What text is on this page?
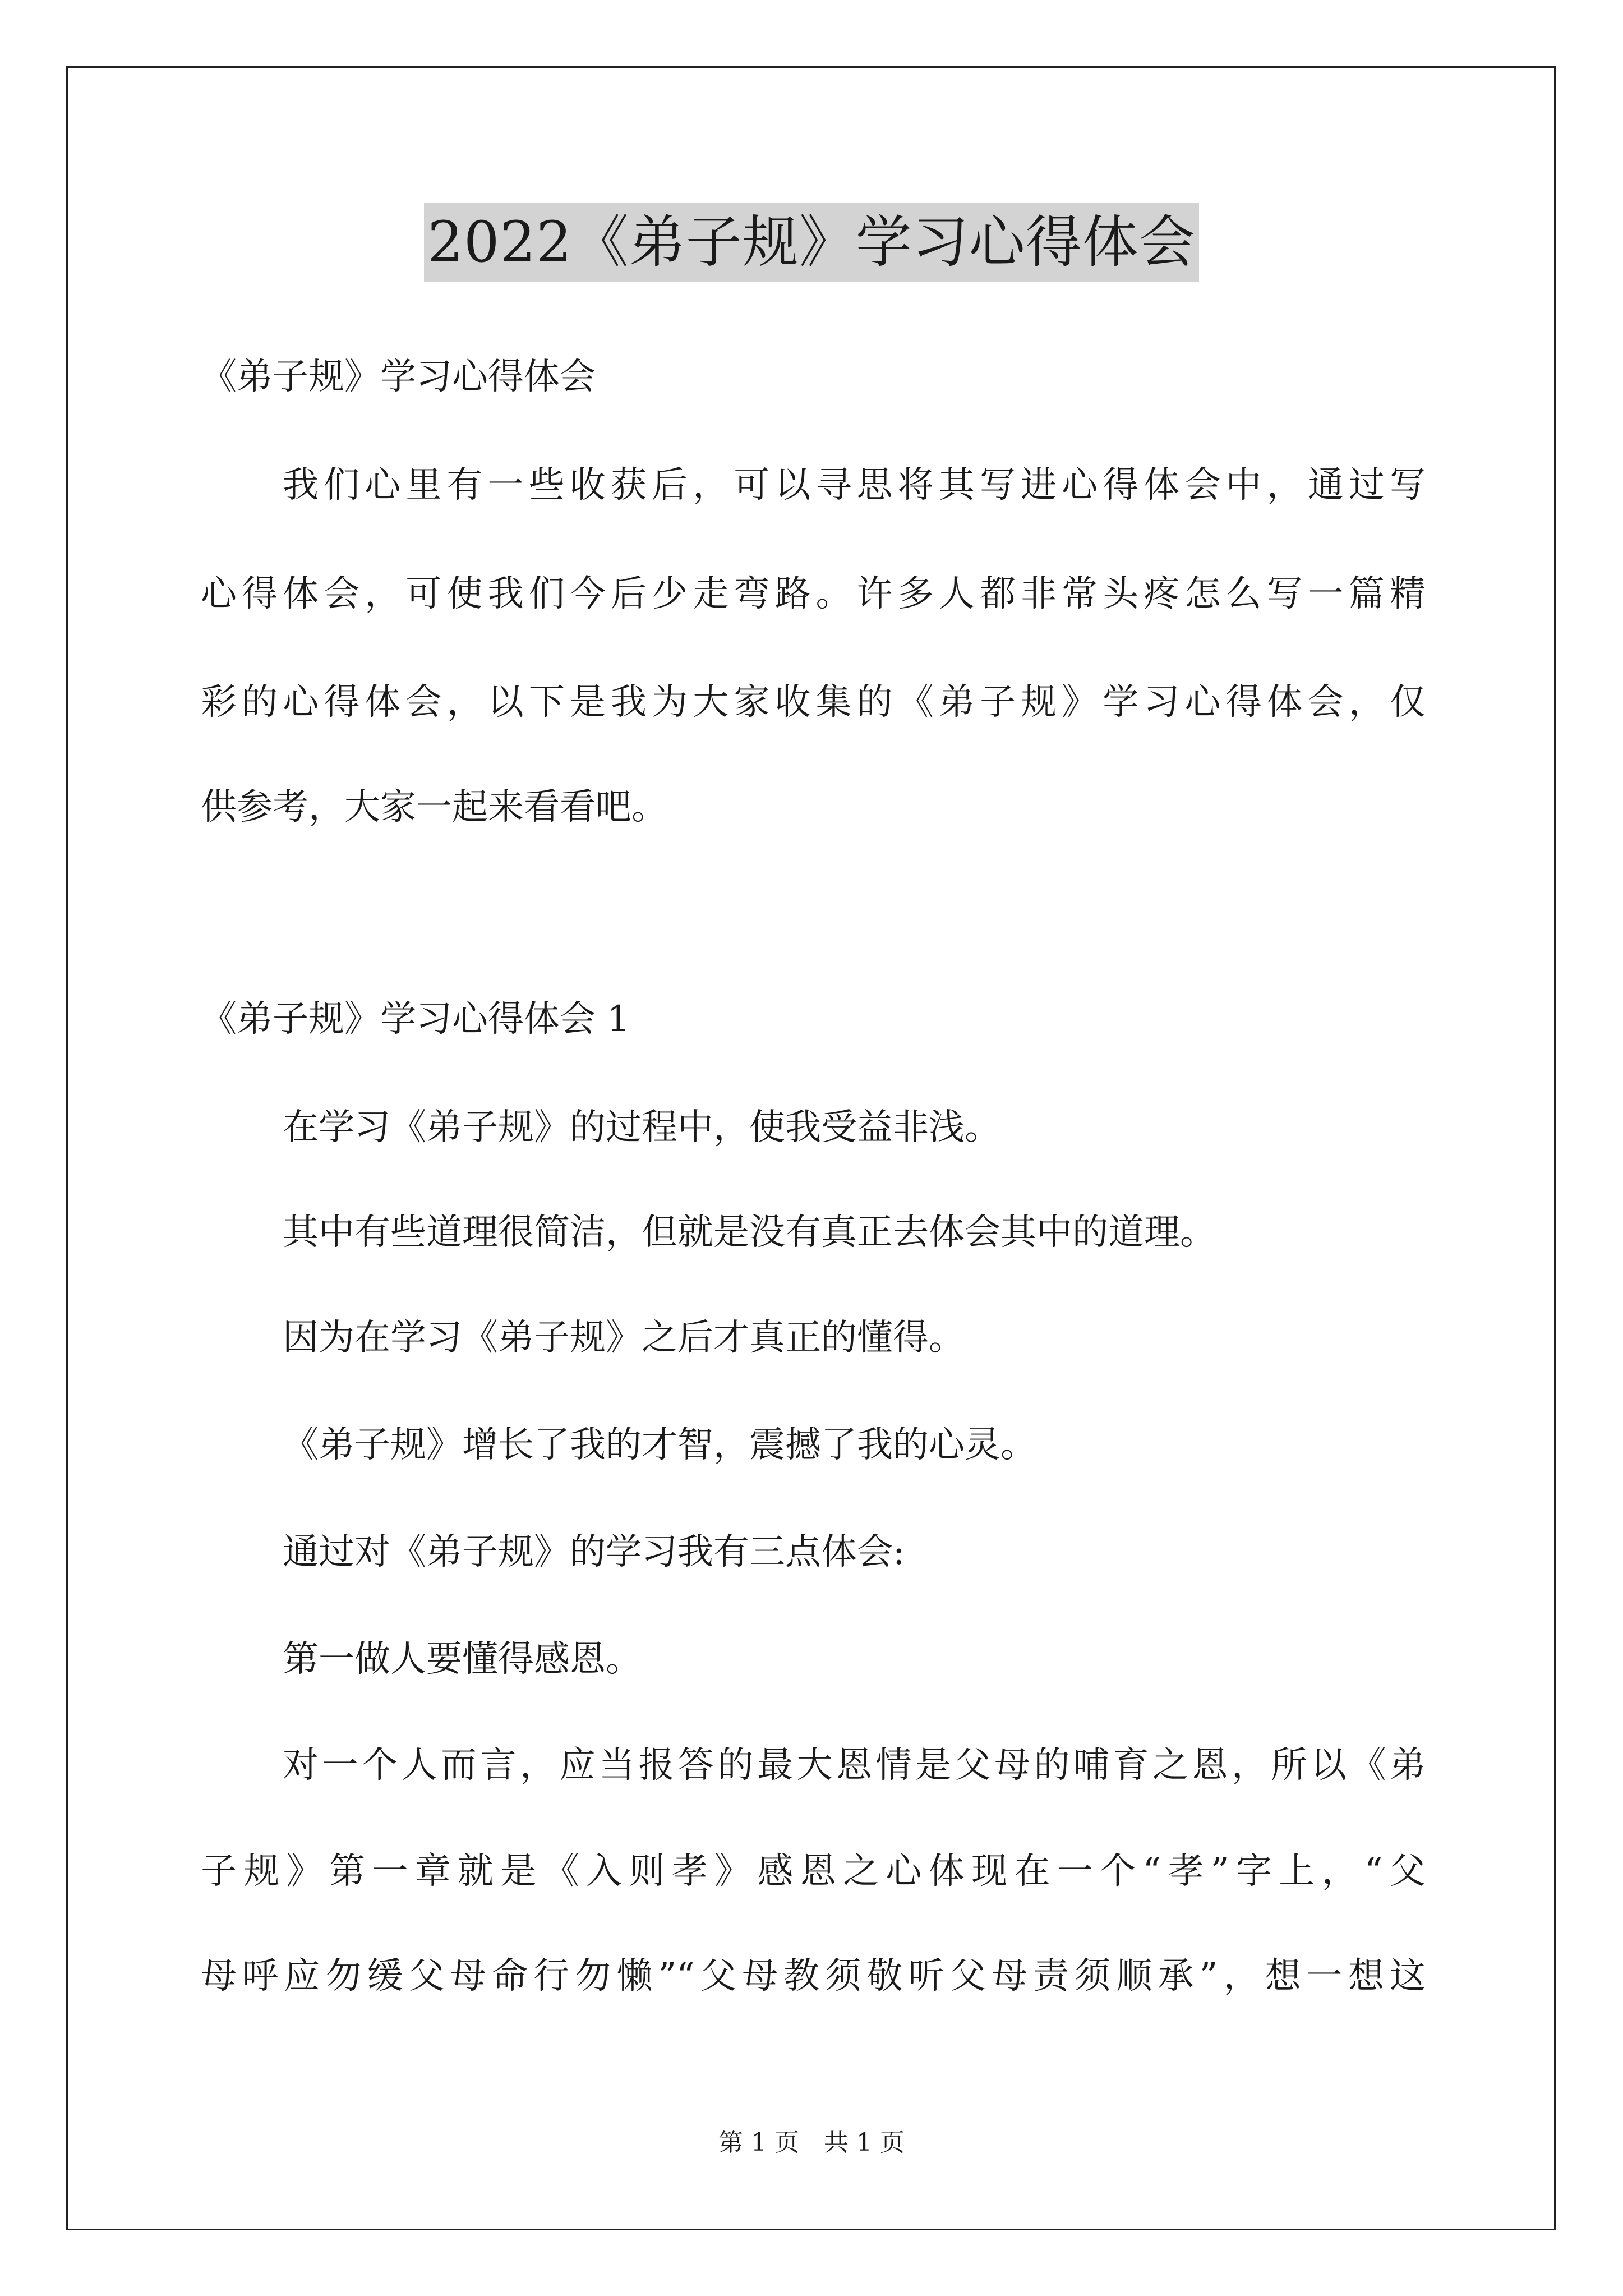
2022《弟子规》学习心得体会
《弟子规》学习心得体会
我们心里有一些收获后，可以寻思将其写进心得体会中，通过写
心得体会，可使我们今后少走弯路。许多人都非常头疼怎么写一篇精
彩的心得体会，以下是我为大家收集的《弟子规》学习心得体会，仅
供参考，大家一起来看看吧。
《弟子规》学习心得体会 1
在学习《弟子规》的过程中，使我受益非浅。
其中有些道理很简洁，但就是没有真正去体会其中的道理。
因为在学习《弟子规》之后才真正的懂得。
《弟子规》增长了我的才智，震撼了我的心灵。
通过对《弟子规》的学习我有三点体会:
第一做人要懂得感恩。
对一个人而言，应当报答的最大恩情是父母的哺育之恩，所以《弟
子规》第一章就是《入则孝》感恩之心体现在一个“孝”字上，“父
母呼应勿缓父母命行勿懒”“父母教须敬听父母责须顺承”，想一想这
第 1 页　共 1 页
